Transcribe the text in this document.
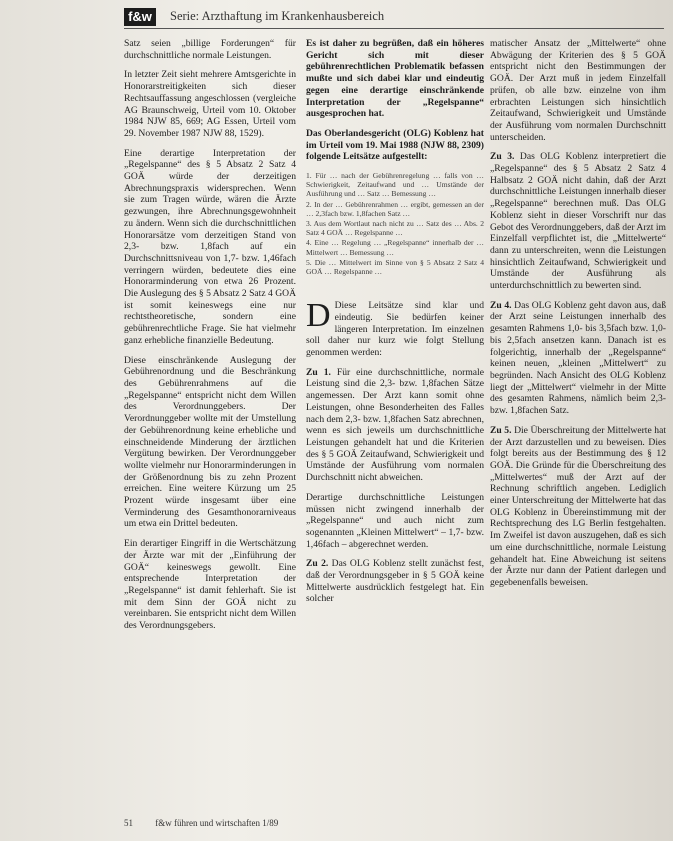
f&w	Serie: Arzthaftung im Krankenhausbereich

Satz seien „billige Forderungen“ für durchschnittliche normale Leistungen.

In letzter Zeit sieht mehrere Amtsgerichte in Honorarstreitigkeiten sich dieser Rechtsauffassung angeschlossen (vergleiche AG Braunschweig, Urteil vom 10. Oktober 1984 NJW 85, 669; AG Essen, Urteil vom 29. November 1987 NJW 88, 1529).

Eine derartige Interpretation der „Regelspanne“ des § 5 Absatz 2 Satz 4 GOÄ würde der derzeitigen Abrechnungspraxis widersprechen. Wenn sie zum Tragen würde, wären die Ärzte gezwungen, ihre Abrechnungsgewohnheit zu ändern. Wenn sich die durchschnittlichen Honorarsätze vom derzeitigen Stand von 2,3- bzw. 1,8fach auf ein Durchschnittsniveau von 1,7- bzw. 1,46fach verringern würden, bedeutete dies eine Honorarminderung von etwa 26 Prozent. Die Auslegung des § 5 Absatz 2 Satz 4 GOÄ ist somit keineswegs eine nur rechtstheoretische, sondern eine gebührenrechtliche Frage. Sie hat vielmehr ganz erhebliche finanzielle Bedeutung.

Diese einschränkende Auslegung der Gebührenordnung und die Beschränkung des Gebührenrahmens auf die „Regelspanne“ entspricht nicht dem Willen des Verordnunggebers. Der Verordnunggeber wollte mit der Umstellung der Gebührenordnung keine erhebliche und einschneidende Minderung der ärztlichen Vergütung bewirken. Der Verordnunggeber wollte vielmehr nur Honorarminderungen in der Größenordnung bis zu zehn Prozent erreichen. Eine weitere Kürzung um 25 Prozent würde insgesamt über eine Verminderung des Gesamthonorarniveaus um etwa ein Drittel bedeuten.

Ein derartiger Eingriff in die Wertschätzung der Ärzte war mit der „Einführung der GOÄ“ keineswegs gewollt. Eine entsprechende Interpretation der „Regelspanne“ ist damit fehlerhaft. Sie ist mit dem Sinn der GOÄ nicht zu vereinbaren. Sie entspricht nicht dem Willen des Verordnungsgebers.

Es ist daher zu begrüßen, daß ein höheres Gericht sich mit dieser gebührenrechtlichen Problematik befassen mußte und sich dabei klar und eindeutig gegen eine derartige einschränkende Interpretation der „Regelspanne“ ausgesprochen hat.

Das Oberlandesgericht (OLG) Koblenz hat im Urteil vom 19. Mai 1988 (NJW 88, 2309) folgende Leitsätze aufgestellt:

1. Für … nach der Gebührenregelung … falls von … Schwierigkeit, Zeitaufwand und … Umstände der Ausführung und … Satz … Bemessung …

2. In der … Gebührenrahmen … ergibt, gemessen an der … 2,3fach bzw. 1,8fachen Satz …

3. Aus dem Wortlaut nach nicht zu … Satz des … Abs. 2 Satz 4 GOÄ … Regelspanne …

4. Eine … Regelung … „Regelspanne“ innerhalb der … Mittelwert … Bemessung …

5. Die … Mittelwert im Sinne von § 5 Absatz 2 Satz 4 GOÄ … Regelspanne …

D Diese Leitsätze sind klar und eindeutig. Sie bedürfen keiner längeren Interpretation. Im einzelnen soll daher nur kurz wie folgt Stellung genommen werden:

Zu 1. Für eine durchschnittliche, normale Leistung sind die 2,3- bzw. 1,8fachen Sätze angemessen. Der Arzt kann somit ohne Leistungen, ohne Besonderheiten des Falles nach dem 2,3- bzw. 1,8fachen Satz abrechnen, wenn es sich jeweils um durchschnittliche Leistungen gehandelt hat und die Kriterien des § 5 GOÄ Zeitaufwand, Schwierigkeit und Umstände der Ausführung vom normalen Durchschnitt nicht abweichen.

Derartige durchschnittliche Leistungen müssen nicht zwingend innerhalb der „Regelspanne“ und auch nicht zum sogenannten „Kleinen Mittelwert“ – 1,7- bzw. 1,46fach – abgerechnet werden.

Zu 2. Das OLG Koblenz stellt zunächst fest, daß der Verordnungsgeber in § 5 GOÄ keine Mittelwerte ausdrücklich festgelegt hat. Ein solcher

matischer Ansatz der „Mittelwerte“ ohne Abwägung der Kriterien des § 5 GOÄ entspricht nicht den Bestimmungen der GOÄ. Der Arzt muß in jedem Einzelfall prüfen, ob alle bzw. einzelne von ihm erbrachten Leistungen sich hinsichtlich Zeitaufwand, Schwierigkeit und Umstände der Ausführung vom normalen Durchschnitt unterscheiden.

Zu 3. Das OLG Koblenz interpretiert die „Regelspanne“ des § 5 Absatz 2 Satz 4 Halbsatz 2 GOÄ nicht dahin, daß der Arzt durchschnittliche Leistungen innerhalb dieser „Regelspanne“ berechnen muß. Das OLG Koblenz sieht in dieser Vorschrift nur das Gebot des Verordnunggebers, daß der Arzt im Einzelfall verpflichtet ist, die „Mittelwerte“ dann zu unterschreiten, wenn die Leistungen hinsichtlich Zeitaufwand, Schwierigkeit und Umstände der Ausführung als unterdurchschnittlich zu bewerten sind.

Zu 4. Das OLG Koblenz geht davon aus, daß der Arzt seine Leistungen innerhalb des gesamten Rahmens 1,0- bis 3,5fach bzw. 1,0- bis 2,5fach ansetzen kann. Danach ist es folgerichtig, innerhalb der „Regelspanne“ keinen neuen, „kleinen „Mittelwert“ zu begründen. Nach Ansicht des OLG Koblenz liegt der „Mittelwert“ vielmehr in der Mitte des gesamten Rahmens, nämlich beim 2,3- bzw. 1,8fachen Satz.

Zu 5. Die Überschreitung der Mittelwerte hat der Arzt darzustellen und zu beweisen. Dies folgt bereits aus der Bestimmung des § 12 GOÄ. Die Gründe für die Überschreitung des „Mittelwertes“ muß der Arzt auf der Rechnung schriftlich angeben. Lediglich einer Unterschreitung der Mittelwerte hat das OLG Koblenz in Übereinstimmung mit der Rechtsprechung des LG Berlin festgehalten. Im Zweifel ist davon auszugehen, daß es sich um eine durchschnittliche, normale Leistung gehandelt hat. Eine Abweichung ist seitens der Ärzte nur dann der Patient darlegen und gegebenenfalls beweisen.

51 f&w führen und wirtschaften 1/89
